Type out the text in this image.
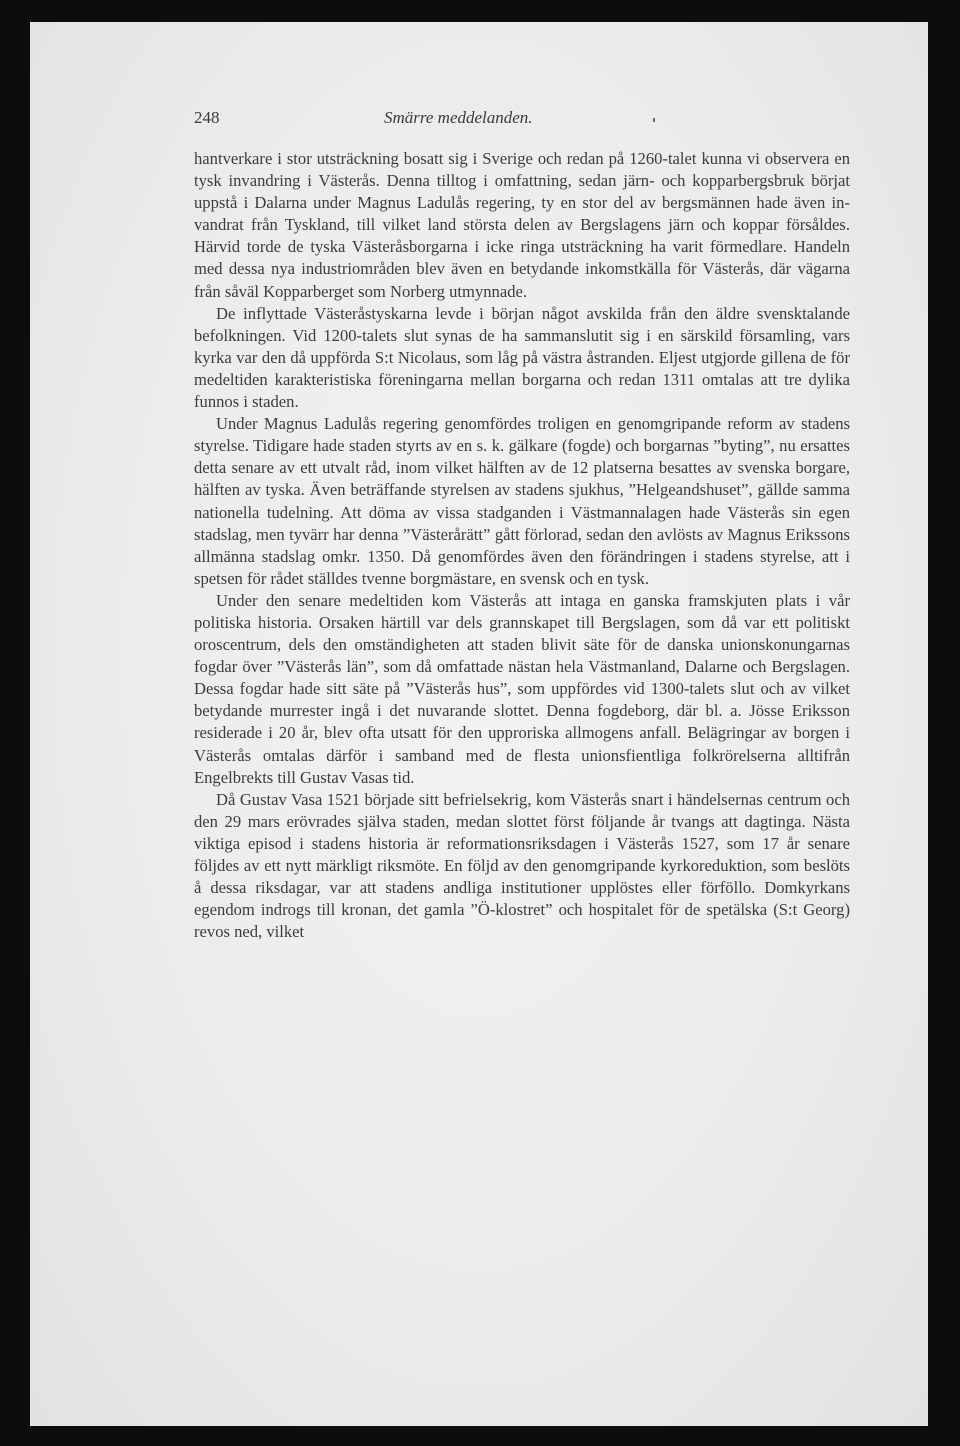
248	Smärre meddelanden.

hantverkare i stor utsträckning bosatt sig i Sverige och redan på 1260-talet kunna vi observera en tysk invandring i Västerås. Denna tilltog i omfattning, sedan järn- och kopparbergsbruk börjat uppstå i Dalarna under Magnus Ladulås regering, ty en stor del av bergsmännen hade även invandrat från Tyskland, till vilket land största delen av Bergslagens järn och koppar försåldes. Härvid torde de tyska Västeråsborgarna i icke ringa utsträckning ha varit förmedlare. Handeln med dessa nya industriområden blev även en betydande inkomstkälla för Västerås, där vägarna från såväl Kopparberget som Norberg utmynnade.

De inflyttade Västeråstyskarna levde i början något avskilda från den äldre svensktalande befolkningen. Vid 1200-talets slut synas de ha sammanslutit sig i en särskild församling, vars kyrka var den då uppförda S:t Nicolaus, som låg på västra åstranden. Eljest utgjorde gillena de för medeltiden karakteristiska föreningarna mellan borgarna och redan 1311 omtalas att tre dylika funnos i staden.

Under Magnus Ladulås regering genomfördes troligen en genomgripande reform av stadens styrelse. Tidigare hade staden styrts av en s. k. gälkare (fogde) och borgarnas ”byting”, nu ersattes detta senare av ett utvalt råd, inom vilket hälften av de 12 platserna besattes av svenska borgare, hälften av tyska. Även beträffande styrelsen av stadens sjukhus, ”Helgeandshuset”, gällde samma nationella tudelning. Att döma av vissa stadganden i Västmannalagen hade Västerås sin egen stadslag, men tyvärr har denna ”Västerårätt” gått förlorad, sedan den avlösts av Magnus Erikssons allmänna stadslag omkr. 1350. Då genomfördes även den förändringen i stadens styrelse, att i spetsen för rådet ställdes tvenne borgmästare, en svensk och en tysk.

Under den senare medeltiden kom Västerås att intaga en ganska framskjuten plats i vår politiska historia. Orsaken härtill var dels grannskapet till Bergslagen, som då var ett politiskt oroscentrum, dels den omständigheten att staden blivit säte för de danska unionskonungarnas fogdar över ”Västerås län”, som då omfattade nästan hela Västmanland, Dalarne och Bergslagen. Dessa fogdar hade sitt säte på ”Västerås hus”, som uppfördes vid 1300-talets slut och av vilket betydande murrester ingå i det nuvarande slottet. Denna fogdeborg, där bl. a. Jösse Eriksson residerade i 20 år, blev ofta utsatt för den upproriska allmogens anfall. Belägringar av borgen i Västerås omtalas därför i samband med de flesta unionsfientliga folkrörelserna alltifrån Engelbrekts till Gustav Vasas tid.

Då Gustav Vasa 1521 började sitt befrielsekrig, kom Västerås snart i händelsernas centrum och den 29 mars erövrades själva staden, medan slottet först följande år tvangs att dagtinga. Nästa viktiga episod i stadens historia är reformationsriksdagen i Västerås 1527, som 17 år senare följdes av ett nytt märkligt riksmöte. En följd av den genomgripande kyrkoreduktion, som beslöts å dessa riksdagar, var att stadens andliga institutioner upplöstes eller förföllo. Domkyrkans egendom indrogs till kronan, det gamla ”Ö-klostret” och hospitalet för de spetälska (S:t Georg) revos ned, vilket
